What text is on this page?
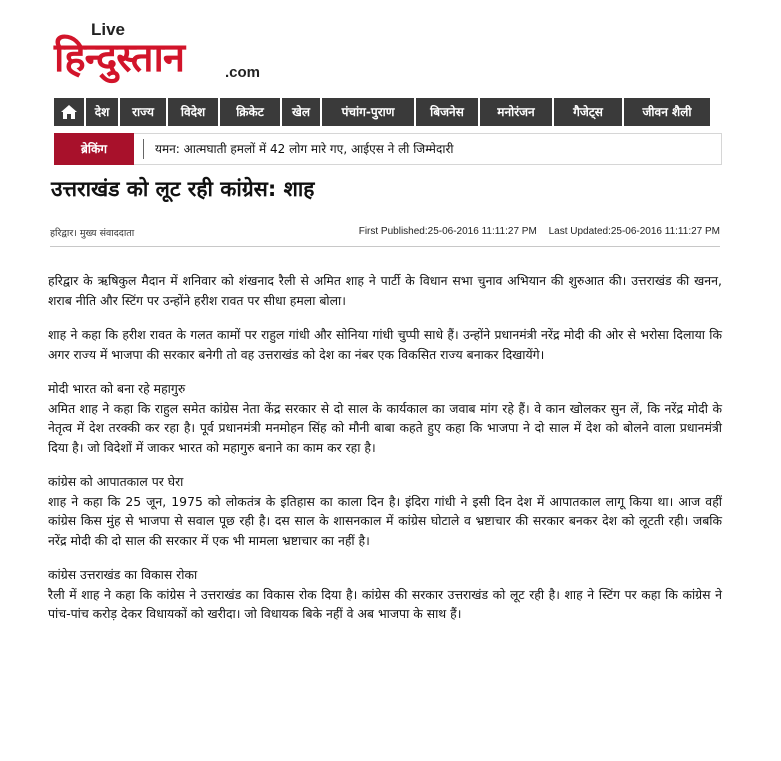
Live
हिन्दुस्तान	.com
देश	राज्य	विदेश	क्रिकेट	खेल	पंचांग-पुराण	बिजनेस	मनोरंजन	गैजेट्स	जीवन शैली
ब्रेकिंग	यमन: आत्मघाती हमलों में 42 लोग मारे गए, आईएस ने ली जिम्मेदारी
उत्तराखंड को लूट रही कांग्रेस: शाह
हरिद्वार। मुख्य संवाददाता	First Published:25-06-2016 11:11:27 PM Last Updated:25-06-2016 11:11:27 PM

हरिद्वार के ऋषिकुल मैदान में शनिवार को शंखनाद रैली से अमित शाह ने पार्टी के विधान सभा चुनाव अभियान की शुरुआत की। उत्तराखंड की खनन, शराब नीति और स्टिंग पर उन्होंने हरीश रावत पर सीधा हमला बोला।

शाह ने कहा कि हरीश रावत के गलत कामों पर राहुल गांधी और सोनिया गांधी चुप्पी साधे हैं। उन्होंने प्रधानमंत्री नरेंद्र मोदी की ओर से भरोसा दिलाया कि अगर राज्य में भाजपा की सरकार बनेगी तो वह उत्तराखंड को देश का नंबर एक विकसित राज्य बनाकर दिखायेंगे।

मोदी भारत को बना रहे महागुरु
अमित शाह ने कहा कि राहुल समेत कांग्रेस नेता केंद्र सरकार से दो साल के कार्यकाल का जवाब मांग रहे हैं। वे कान खोलकर सुन लें, कि नरेंद्र मोदी के नेतृत्व में देश तरक्की कर रहा है। पूर्व प्रधानमंत्री मनमोहन सिंह को मौनी बाबा कहते हुए कहा कि भाजपा ने दो साल में देश को बोलने वाला प्रधानमंत्री दिया है। जो विदेशों में जाकर भारत को महागुरु बनाने का काम कर रहा है।

कांग्रेस को आपातकाल पर घेरा
शाह ने कहा कि 25 जून, 1975 को लोकतंत्र के इतिहास का काला दिन है। इंदिरा गांधी ने इसी दिन देश में आपातकाल लागू किया था। आज वहीं कांग्रेस किस मुंह से भाजपा से सवाल पूछ रही है। दस साल के शासनकाल में कांग्रेस घोटाले व भ्रष्टाचार की सरकार बनकर देश को लूटती रही। जबकि नरेंद्र मोदी की दो साल की सरकार में एक भी मामला भ्रष्टाचार का नहीं है।

कांग्रेस उत्तराखंड का विकास रोका
रैली में शाह ने कहा कि कांग्रेस ने उत्तराखंड का विकास रोक दिया है। कांग्रेस की सरकार उत्तराखंड को लूट रही है। शाह ने स्टिंग पर कहा कि कांग्रेस ने पांच-पांच करोड़ देकर विधायकों को खरीदा। जो विधायक बिके नहीं वे अब भाजपा के साथ हैं।
